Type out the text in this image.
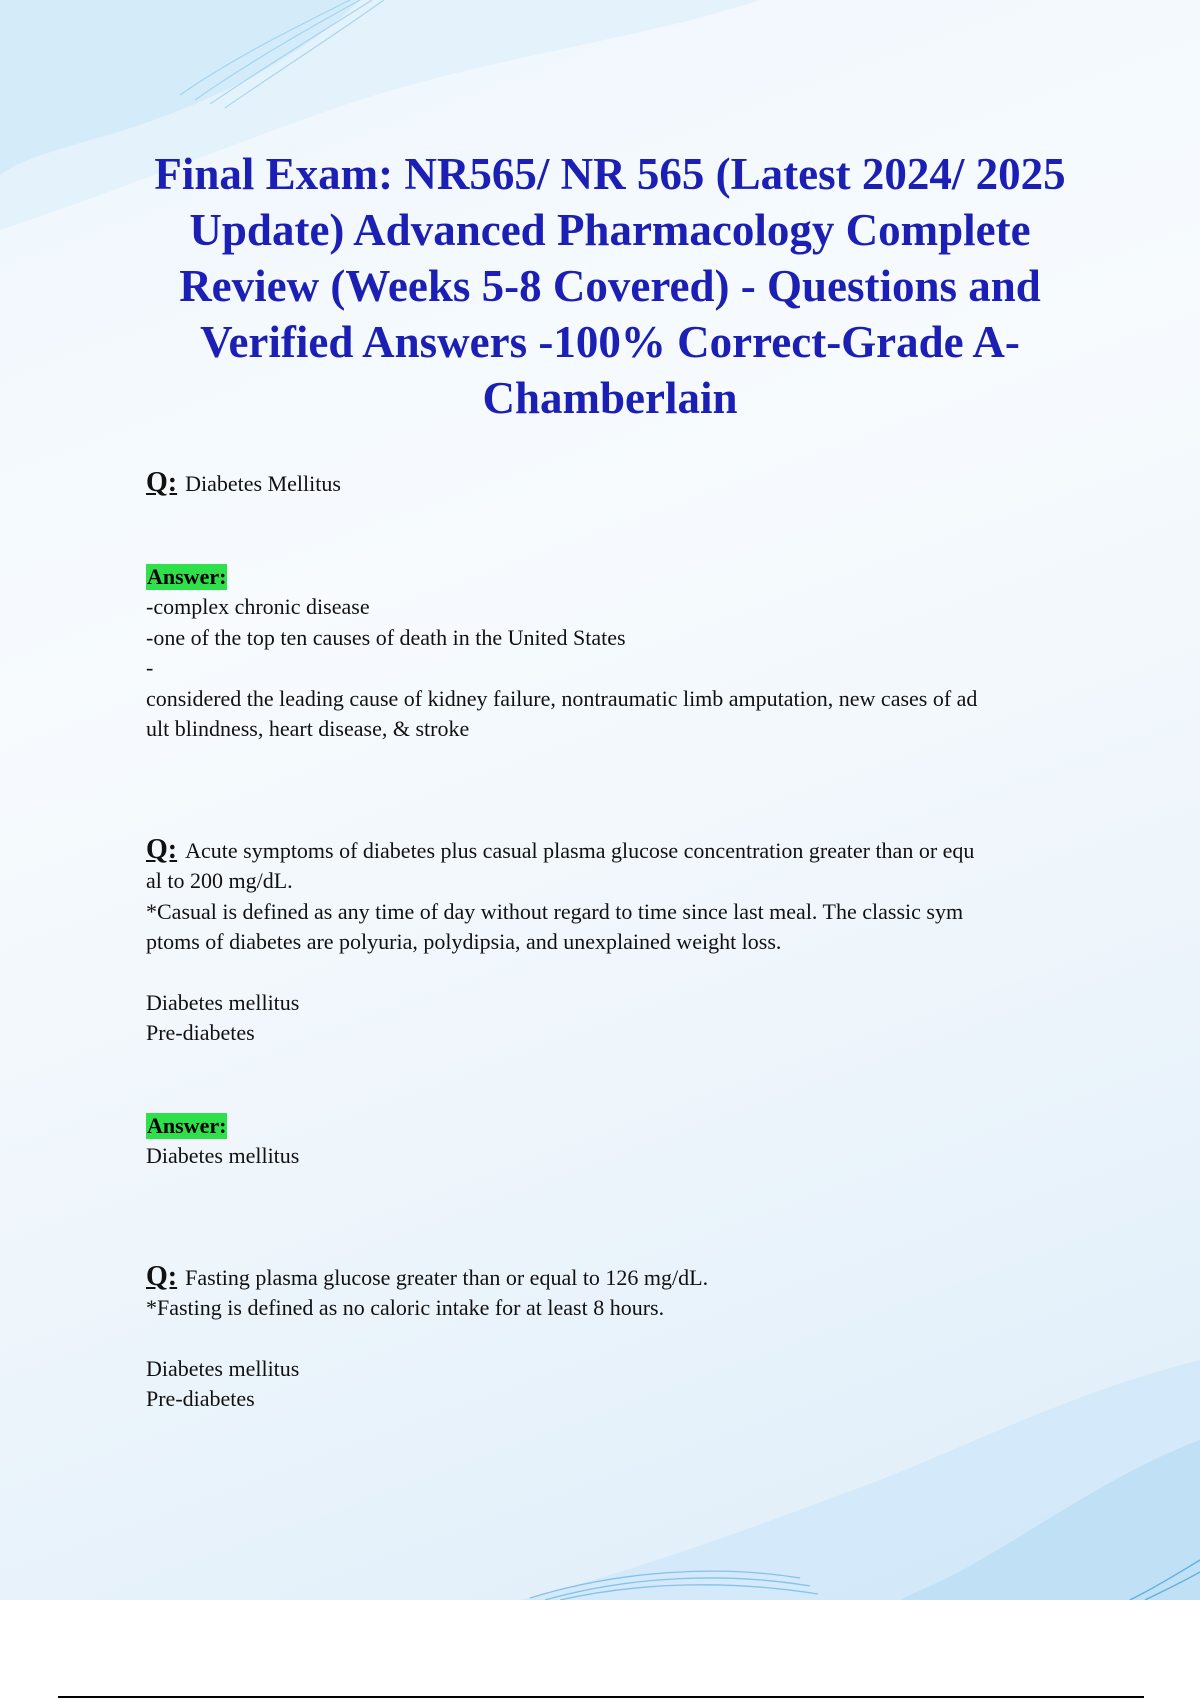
Final Exam: NR565/ NR 565 (Latest 2024/ 2025 Update) Advanced Pharmacology Complete Review (Weeks 5-8 Covered) - Questions and Verified Answers -100% Correct-Grade A-Chamberlain

Q: Diabetes Mellitus

Answer:
-complex chronic disease
-one of the top ten causes of death in the United States
-
considered the leading cause of kidney failure, nontraumatic limb amputation, new cases of ad
ult blindness, heart disease, & stroke

Q: Acute symptoms of diabetes plus casual plasma glucose concentration greater than or equ

al to 200 mg/dL.
*Casual is defined as any time of day without regard to time since last meal. The classic sym
ptoms of diabetes are polyuria, polydipsia, and unexplained weight loss.
Diabetes mellitus
Pre-diabetes
Answer:
Diabetes mellitus

Q: Fasting plasma glucose greater than or equal to 126 mg/dL.

*Fasting is defined as no caloric intake for at least 8 hours.
Diabetes mellitus
Pre-diabetes
